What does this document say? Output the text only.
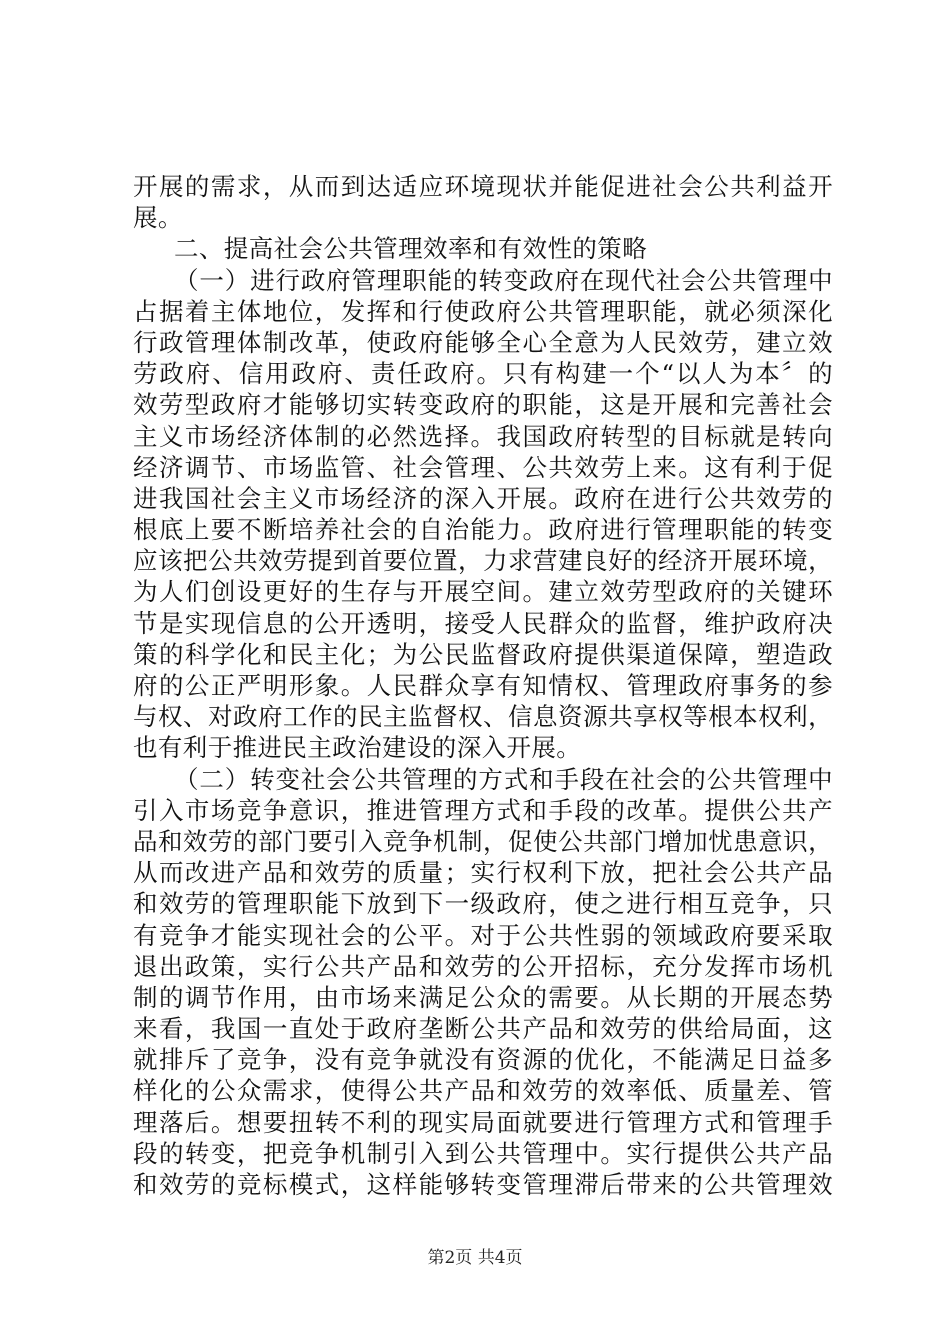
开展的需求，从而到达适应环境现状并能促进社会公共利益开
展。
二、提高社会公共管理效率和有效性的策略
（一）进行政府管理职能的转变政府在现代社会公共管理中
占据着主体地位，发挥和行使政府公共管理职能，就必须深化
行政管理体制改革，使政府能够全心全意为人民效劳，建立效
劳政府、信用政府、责任政府。只有构建一个“以人为本〞的
效劳型政府才能够切实转变政府的职能，这是开展和完善社会
主义市场经济体制的必然选择。我国政府转型的目标就是转向
经济调节、市场监管、社会管理、公共效劳上来。这有利于促
进我国社会主义市场经济的深入开展。政府在进行公共效劳的
根底上要不断培养社会的自治能力。政府进行管理职能的转变
应该把公共效劳提到首要位置，力求营建良好的经济开展环境，
为人们创设更好的生存与开展空间。建立效劳型政府的关键环
节是实现信息的公开透明，接受人民群众的监督，维护政府决
策的科学化和民主化；为公民监督政府提供渠道保障，塑造政
府的公正严明形象。人民群众享有知情权、管理政府事务的参
与权、对政府工作的民主监督权、信息资源共享权等根本权利，
也有利于推进民主政治建设的深入开展。
（二）转变社会公共管理的方式和手段在社会的公共管理中
引入市场竞争意识，推进管理方式和手段的改革。提供公共产
品和效劳的部门要引入竞争机制，促使公共部门增加忧患意识，
从而改进产品和效劳的质量；实行权利下放，把社会公共产品
和效劳的管理职能下放到下一级政府，使之进行相互竞争，只
有竞争才能实现社会的公平。对于公共性弱的领域政府要采取
退出政策，实行公共产品和效劳的公开招标，充分发挥市场机
制的调节作用，由市场来满足公众的需要。从长期的开展态势
来看，我国一直处于政府垄断公共产品和效劳的供给局面，这
就排斥了竞争，没有竞争就没有资源的优化，不能满足日益多
样化的公众需求，使得公共产品和效劳的效率低、质量差、管
理落后。想要扭转不利的现实局面就要进行管理方式和管理手
段的转变，把竞争机制引入到公共管理中。实行提供公共产品
和效劳的竞标模式，这样能够转变管理滞后带来的公共管理效
第2页 共4页
